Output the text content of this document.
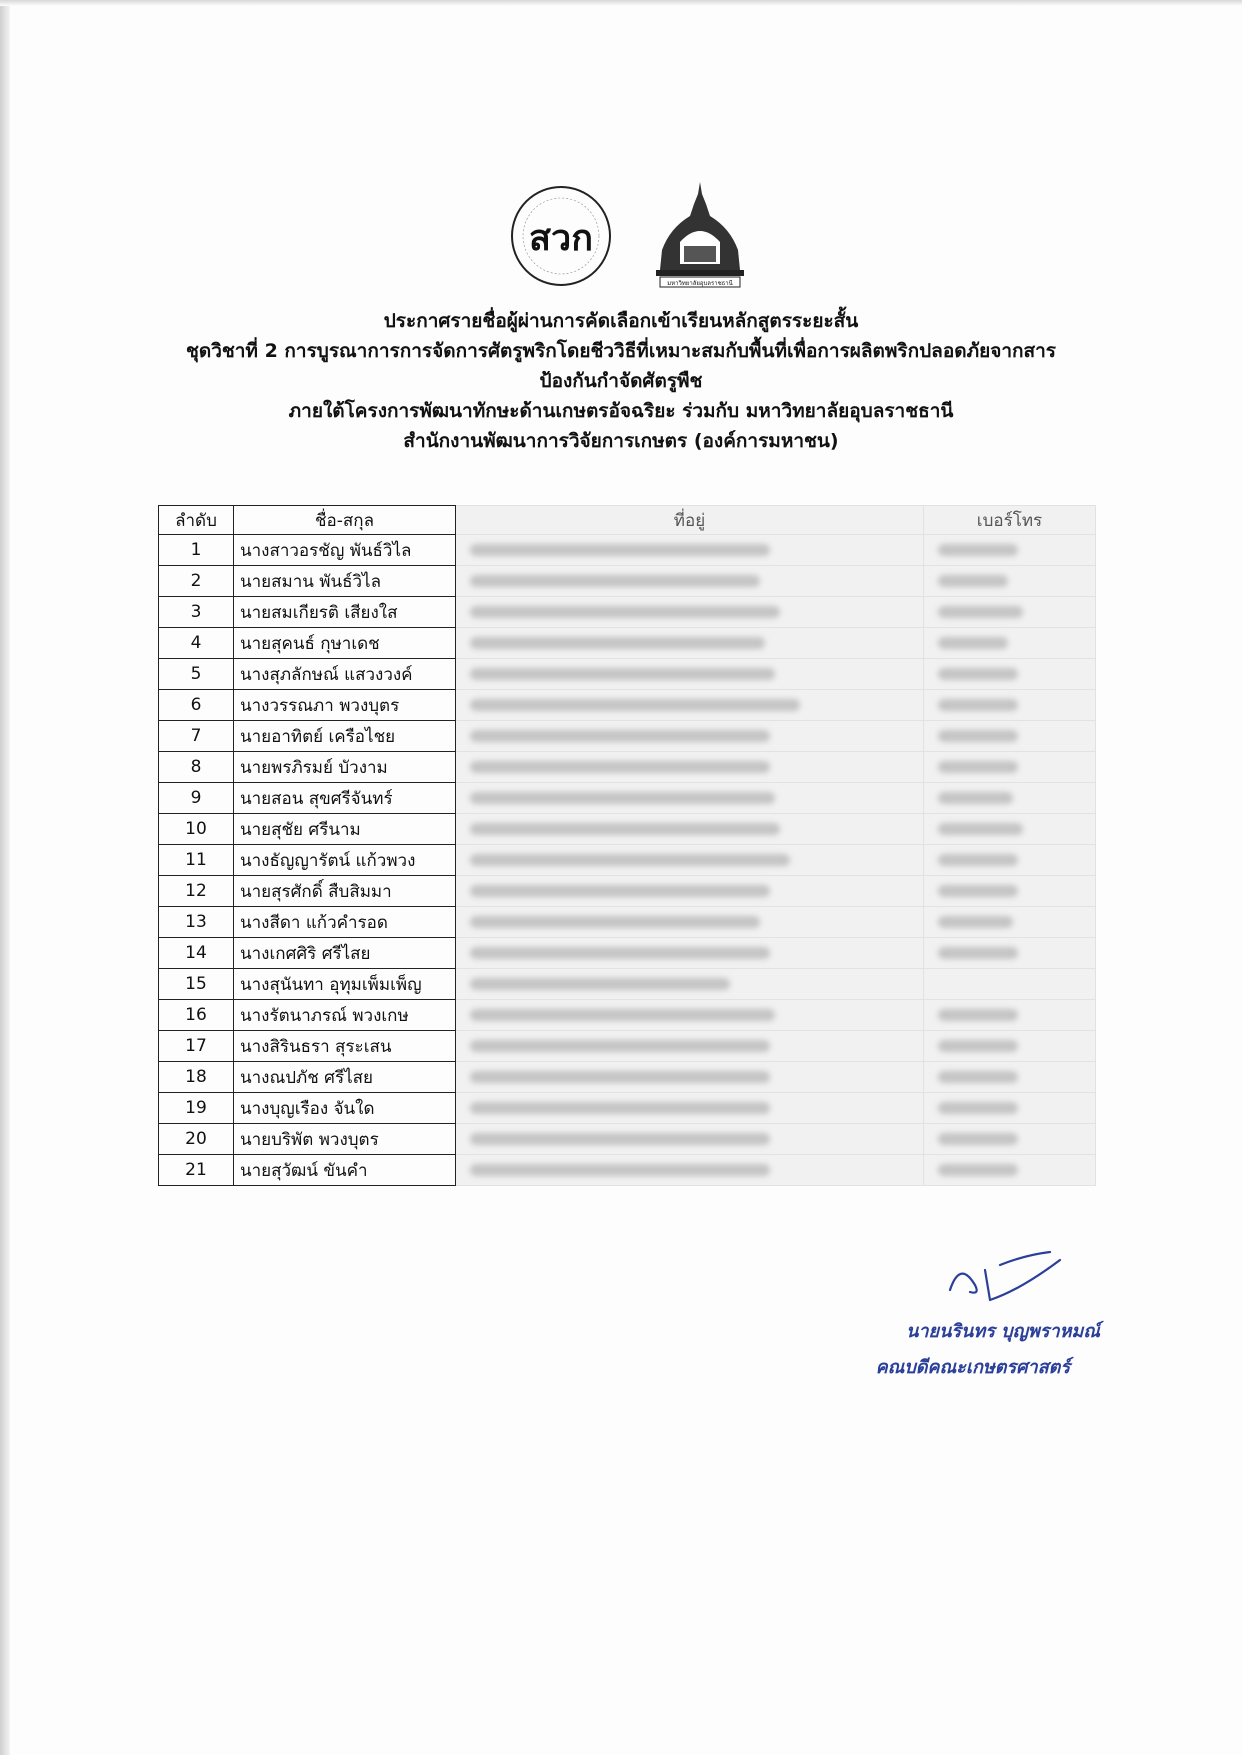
สวก
มหาวิทยาลัยอุบลราชธานี
ประกาศรายชื่อผู้ผ่านการคัดเลือกเข้าเรียนหลักสูตรระยะสั้น
ชุดวิชาที่ 2 การบูรณาการการจัดการศัตรูพริกโดยชีววิธีที่เหมาะสมกับพื้นที่เพื่อการผลิตพริกปลอดภัยจากสาร
ป้องกันกำจัดศัตรูพืช
ภายใต้โครงการพัฒนาทักษะด้านเกษตรอัจฉริยะ ร่วมกับ มหาวิทยาลัยอุบลราชธานี
สำนักงานพัฒนาการวิจัยการเกษตร (องค์การมหาชน)
ลำดับ	ชื่อ-สกุล	ที่อยู่	เบอร์โทร
1	นางสาวอรชัญ พันธ์วิไล		
2	นายสมาน พันธ์วิไล		
3	นายสมเกียรติ เสียงใส		
4	นายสุคนธ์ กุษาเดช		
5	นางสุภลักษณ์ แสวงวงค์		
6	นางวรรณภา พวงบุตร		
7	นายอาทิตย์ เครือไชย		
8	นายพรภิรมย์ บัวงาม		
9	นายสอน สุขศรีจันทร์		
10	นายสุชัย ศรีนาม		
11	นางธัญญารัตน์ แก้วพวง		
12	นายสุรศักดิ์ สืบสิมมา		
13	นางสีดา แก้วคำรอด		
14	นางเกศศิริ ศรีไสย		
15	นางสุนันทา อุทุมเพ็มเพ็ญ		
16	นางรัตนาภรณ์ พวงเกษ		
17	นางสิรินธรา สุระเสน		
18	นางณปภัช ศรีไสย		
19	นางบุญเรือง จันใด		
20	นายบริพัต พวงบุตร		
21	นายสุวัฒน์ ขันคำ		
นายนรินทร บุญพราหมณ์
คณบดีคณะเกษตรศาสตร์
